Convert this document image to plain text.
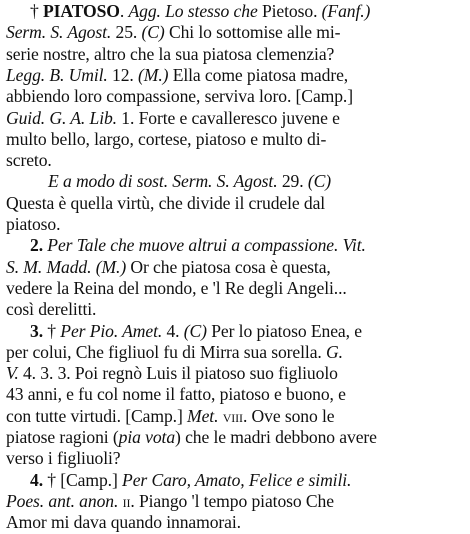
† PIATOSO. Agg. Lo stesso che Pietoso. (Fanf.)
Serm. S. Agost. 25. (C) Chi lo sottomise alle mi-
serie nostre, altro che la sua piatosa clemenzia?
Legg. B. Umil. 12. (M.) Ella come piatosa madre,
abbiendo loro compassione, serviva loro. [Camp.]
Guid. G. A. Lib. 1. Forte e cavalleresco juvene e
multo bello, largo, cortese, piatoso e multo di-
screto.
E a modo di sost. Serm. S. Agost. 29. (C)
Questa è quella virtù, che divide il crudele dal
piatoso.
2. Per Tale che muove altrui a compassione. Vit.
S. M. Madd. (M.) Or che piatosa cosa è questa,
vedere la Reina del mondo, e 'l Re degli Angeli...
così derelitti.
3. † Per Pio. Amet. 4. (C) Per lo piatoso Enea, e
per colui, Che figliuol fu di Mirra sua sorella. G.
V. 4. 3. 3. Poi regnò Luis il piatoso suo figliuolo
43 anni, e fu col nome il fatto, piatoso e buono, e
con tutte virtudi. [Camp.] Met. viii. Ove sono le
piatose ragioni (pia vota) che le madri debbono avere
verso i figliuoli?
4. † [Camp.] Per Caro, Amato, Felice e simili.
Poes. ant. anon. ii. Piango 'l tempo piatoso Che
Amor mi dava quando innamorai.
